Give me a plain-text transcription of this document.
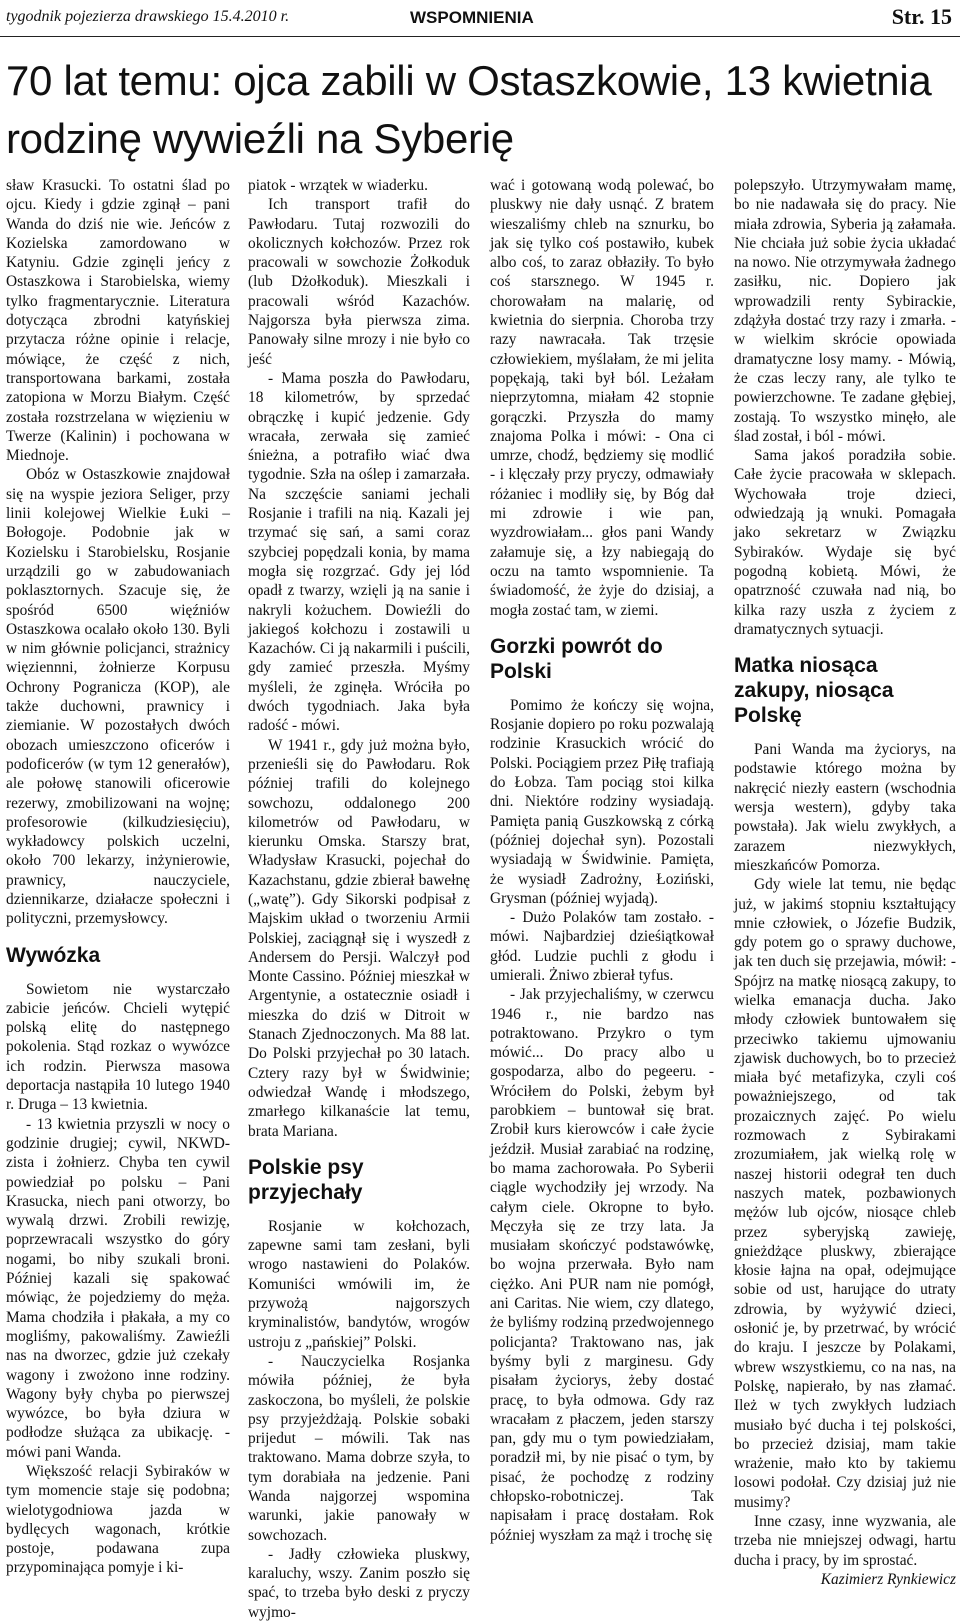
tygodnik pojezierza drawskiego 15.4.2010 r.	WSPOMNIENIA	Str. 15
70 lat temu: ojca zabili w Ostaszkowie, 13 kwietnia rodzinę wywieźli na Syberię

sław Krasucki. To ostatni ślad po ojcu. Kiedy i gdzie zginął – pani Wanda do dziś nie wie. Jeńców z Kozielska zamordowano w Katyniu. Gdzie zginęli jeńcy z Ostaszkowa i Starobielska, wiemy tylko fragmentarycznie. Literatura dotycząca zbrodni katyńskiej przytacza różne opinie i relacje, mówiące, że część z nich, transportowana barkami, została zatopiona w Morzu Białym. Część została rozstrzelana w więzieniu w Twerze (Kalinin) i pochowana w Miednoje.

Obóz w Ostaszkowie znajdował się na wyspie jeziora Seliger, przy linii kolejowej Wielkie Łuki – Bołogoje. Podobnie jak w Kozielsku i Starobielsku, Rosjanie urządzili go w zabudowaniach poklasztornych. Szacuje się, że spośród 6500 więźniów Ostaszkowa ocalało około 130. Byli w nim głównie policjanci, strażnicy więziennni, żołnierze Korpusu Ochrony Pogranicza (KOP), ale także duchowni, prawnicy i ziemianie. W pozostałych dwóch obozach umieszczono oficerów i podoficerów (w tym 12 generałów), ale połowę stanowili oficerowie rezerwy, zmobilizowani na wojnę; profesorowie (kilkudziesięciu), wykładowcy polskich uczelni, około 700 lekarzy, inżynierowie, prawnicy, nauczyciele, dziennikarze, działacze społeczni i polityczni, przemysłowcy.

Wywózka

Sowietom nie wystarczało zabicie jeńców. Chcieli wytępić polską elitę do następnego pokolenia. Stąd rozkaz o wywózce ich rodzin. Pierwsza masowa deportacja nastąpiła 10 lutego 1940 r. Druga – 13 kwietnia.

- 13 kwietnia przyszli w nocy o godzinie drugiej; cywil, NKWD-zista i żołnierz. Chyba ten cywil powiedział po polsku – Pani Krasucka, niech pani otworzy, bo wywalą drzwi. Zrobili rewizję, poprzewracali wszystko do góry nogami, bo niby szukali broni. Później kazali się spakować mówiąc, że pojedziemy do męża. Mama chodziła i płakała, a my co mogliśmy, pakowaliśmy. Zawieźli nas na dworzec, gdzie już czekały wagony i zwożono inne rodziny. Wagony były chyba po pierwszej wywózce, bo była dziura w podłodze służąca za ubikację. - mówi pani Wanda.

Większość relacji Sybiraków w tym momencie staje się podobna; wielotygodniowa jazda w bydlęcych wagonach, krótkie postoje, podawana zupa przypominająca pomyje i ki-

piatok - wrzątek w wiaderku.

Ich transport trafił do Pawłodaru. Tutaj rozwozili do okolicznych kołchozów. Przez rok pracowali w sowchozie Żołkoduk (lub Dżołkoduk). Mieszkali i pracowali wśród Kazachów. Najgorsza była pierwsza zima. Panowały silne mrozy i nie było co jeść

- Mama poszła do Pawłodaru, 18 kilometrów, by sprzedać obrączkę i kupić jedzenie. Gdy wracała, zerwała się zamieć śnieżna, a potrafiło wiać dwa tygodnie. Szła na oślep i zamarzała. Na szczęście saniami jechali Rosjanie i trafili na nią. Kazali jej trzymać się sań, a sami coraz szybciej popędzali konia, by mama mogła się rozgrzać. Gdy jej lód opadł z twarzy, wzięli ją na sanie i nakryli kożuchem. Dowieźli do jakiegoś kołchozu i zostawili u Kazachów. Ci ją nakarmili i puścili, gdy zamieć przeszła. Myśmy myśleli, że zginęła. Wróciła po dwóch tygodniach. Jaka była radość - mówi.

W 1941 r., gdy już można było, przenieśli się do Pawłodaru. Rok później trafili do kolejnego sowchozu, oddalonego 200 kilometrów od Pawłodaru, w kierunku Omska. Starszy brat, Władysław Krasucki, pojechał do Kazachstanu, gdzie zbierał bawełnę („watę”). Gdy Sikorski podpisał z Majskim układ o tworzeniu Armii Polskiej, zaciągnął się i wyszedł z Andersem do Persji. Walczył pod Monte Cassino. Później mieszkał w Argentynie, a ostatecznie osiadł i mieszka do dziś w Ditroit w Stanach Zjednoczonych. Ma 88 lat. Do Polski przyjechał po 30 latach. Cztery razy był w Świdwinie; odwiedzał Wandę i młodszego, zmarłego kilkanaście lat temu, brata Mariana.

Polskie psy przyjechały

Rosjanie w kołchozach, zapewne sami tam zesłani, byli wrogo nastawieni do Polaków. Komuniści wmówili im, że przywożą najgorszych kryminalistów, bandytów, wrogów ustroju z „pańskiej” Polski.

- Nauczycielka Rosjanka mówiła później, że była zaskoczona, bo myśleli, że polskie psy przyjeżdżają. Polskie sobaki prijedut – mówili. Tak nas traktowano. Mama dobrze szyła, to tym dorabiała na jedzenie. Pani Wanda najgorzej wspomina warunki, jakie panowały w sowchozach.

- Jadły człowieka pluskwy, karaluchy, wszy. Zanim poszło się spać, to trzeba było deski z pryczy wyjmo-

wać i gotowaną wodą polewać, bo pluskwy nie dały usnąć. Z bratem wieszaliśmy chleb na sznurku, bo jak się tylko coś postawiło, kubek albo coś, to zaraz obłaziły. To było coś starsznego. W 1945 r. chorowałam na malarię, od kwietnia do sierpnia. Choroba trzy razy nawracała. Tak trzęsie człowiekiem, myślałam, że mi jelita popękają, taki był ból. Leżałam nieprzytomna, miałam 42 stopnie gorączki. Przyszła do mamy znajoma Polka i mówi: - Ona ci umrze, chodź, będziemy się modlić - i klęczały przy pryczy, odmawiały różaniec i modliły się, by Bóg dał mi zdrowie i wie pan, wyzdrowiałam... głos pani Wandy załamuje się, a łzy nabiegają do oczu na tamto wspomnienie. Ta świadomość, że żyje do dzisiaj, a mogła zostać tam, w ziemi.

Gorzki powrót do Polski

Pomimo że kończy się wojna, Rosjanie dopiero po roku pozwalają rodzinie Krasuckich wrócić do Polski. Pociągiem przez Piłę trafiają do Łobza. Tam pociąg stoi kilka dni. Niektóre rodziny wysiadają. Pamięta panią Guszkowską z córką (później dojechał syn). Pozostali wysiadają w Świdwinie. Pamięta, że wysiadł Zadrożny, Łoziński, Grysman (później wyjadą).

- Dużo Polaków tam zostało. - mówi. Najbardziej dzieśiątkował głód. Ludzie puchli z głodu i umierali. Żniwo zbierał tyfus.

- Jak przyjechaliśmy, w czerwcu 1946 r., nie bardzo nas potraktowano. Przykro o tym mówić... Do pracy albo u gospodarza, albo do pegeeru. - Wróciłem do Polski, żebym był parobkiem – buntował się brat. Zrobił kurs kierowców i całe życie jeździł. Musiał zarabiać na rodzinę, bo mama zachorowała. Po Syberii ciągle wychodziły jej wrzody. Na całym ciele. Okropne to było. Męczyła się ze trzy lata. Ja musiałam skończyć podstawówkę, bo wojna przerwała. Było nam ciężko. Ani PUR nam nie pomógł, ani Caritas. Nie wiem, czy dlatego, że byliśmy rodziną przedwojennego policjanta? Traktowano nas, jak byśmy byli z marginesu. Gdy pisałam życiorys, żeby dostać pracę, to była odmowa. Gdy raz wracałam z płaczem, jeden starszy pan, gdy mu o tym powiedziałam, poradził mi, by nie pisać o tym, by pisać, że pochodzę z rodziny chłopsko-robotniczej. Tak napisałam i pracę dostałam. Rok później wyszłam za mąż i trochę się

polepszyło. Utrzymywałam mamę, bo nie nadawała się do pracy. Nie miała zdrowia, Syberia ją załamała. Nie chciała już sobie życia układać na nowo. Nie otrzymywała żadnego zasiłku, nic. Dopiero jak wprowadzili renty Sybirackie, zdążyła dostać trzy razy i zmarła. - w wielkim skrócie opowiada dramatyczne losy mamy. - Mówią, że czas leczy rany, ale tylko te powierzchowne. Te zadane głębiej, zostają. To wszystko minęło, ale ślad został, i ból - mówi.

Sama jakoś poradziła sobie. Całe życie pracowała w sklepach. Wychowała troje dzieci, odwiedzają ją wnuki. Pomagała jako sekretarz w Związku Sybiraków. Wydaje się być pogodną kobietą. Mówi, że opatrzność czuwała nad nią, bo kilka razy uszła z życiem z dramatycznych sytuacji.

Matka niosąca zakupy, niosąca Polskę

Pani Wanda ma życiorys, na podstawie którego można by nakręcić niezły eastern (wschodnia wersja western), gdyby taka powstała). Jak wielu zwykłych, a zarazem niezwykłych, mieszkańców Pomorza.

Gdy wiele lat temu, nie będąc już, w jakimś stopniu kształtujący mnie człowiek, o Józefie Budzik, gdy potem go o sprawy duchowe, jak ten duch się przejawia, mówił: - Spójrz na matkę niosącą zakupy, to wielka emanacja ducha. Jako młody człowiek buntowałem się przeciwko takiemu ujmowaniu zjawisk duchowych, bo to przecież miała być metafizyka, czyli coś poważniejszego, od tak prozaicznych zajęć. Po wielu rozmowach z Sybirakami zrozumiałem, jak wielką rolę w naszej historii odegrał ten duch naszych matek, pozbawionych mężów lub ojców, niosące chleb przez syberyjską zawieję, gnieżdżące pluskwy, zbierające kłosie łajna na opał, odejmujące sobie od ust, harujące do utraty zdrowia, by wyżywić dzieci, osłonić je, by przetrwać, by wrócić do kraju. I jeszcze by Polakami, wbrew wszystkiemu, co na nas, na Polskę, napierało, by nas złamać. Ileż w tych zwykłych ludziach musiało być ducha i tej polskości, bo przecież dzisiaj, mam takie wrażenie, mało kto by takiemu losowi podołał. Czy dzisiaj już nie musimy?

Inne czasy, inne wyzwania, ale trzeba nie mniejszej odwagi, hartu ducha i pracy, by im sprostać.

Kazimierz Rynkiewicz
